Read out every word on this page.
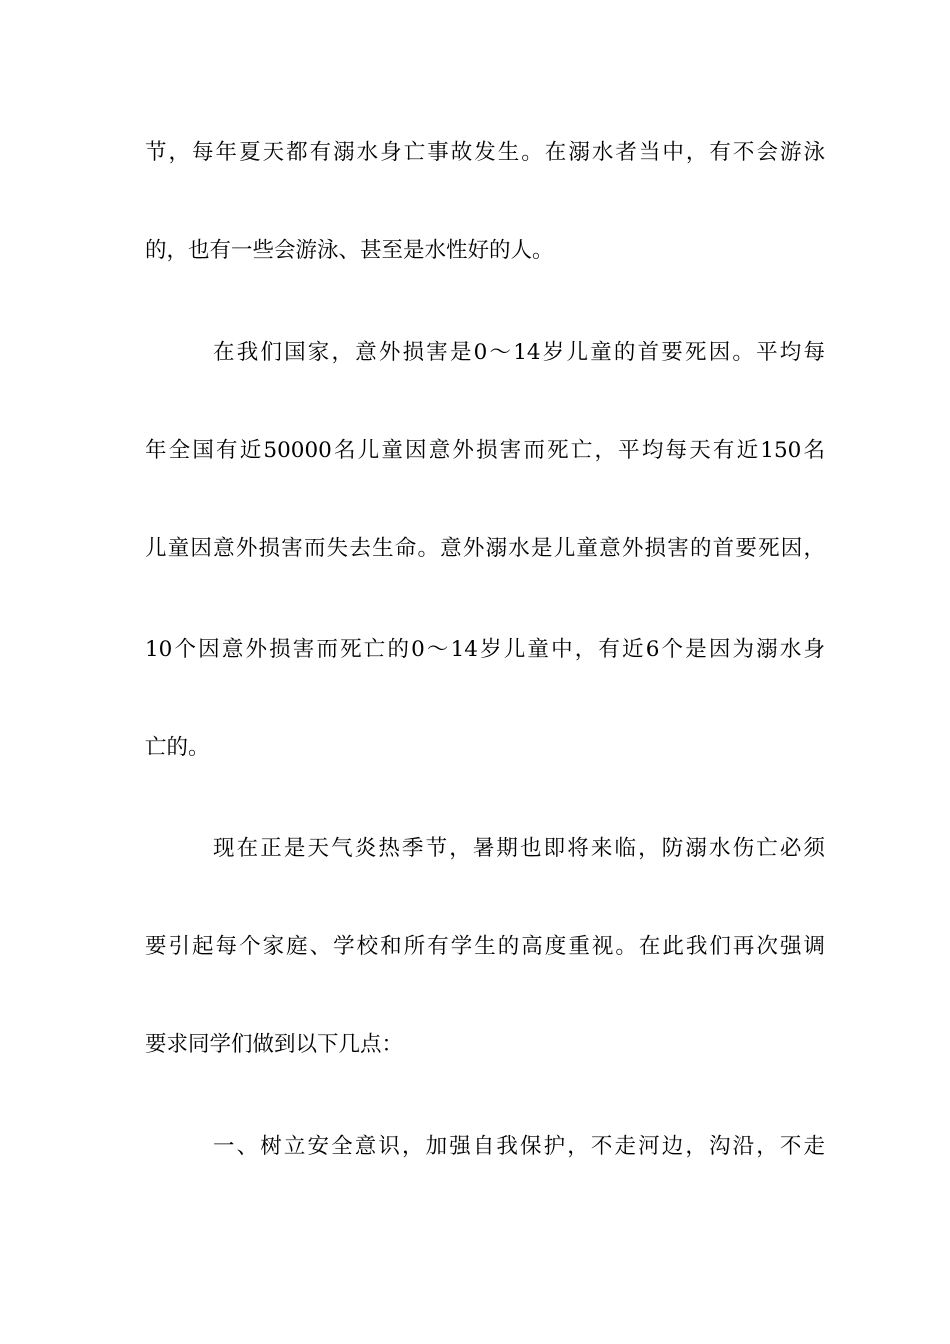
节，每年夏天都有溺水身亡事故发生。在溺水者当中，有不会游泳
的，也有一些会游泳、甚至是水性好的人。
在我们国家，意外损害是0～14岁儿童的首要死因。平均每
年全国有近50000名儿童因意外损害而死亡，平均每天有近150名
儿童因意外损害而失去生命。意外溺水是儿童意外损害的首要死因，
10个因意外损害而死亡的0～14岁儿童中，有近6个是因为溺水身
亡的。
现在正是天气炎热季节，暑期也即将来临，防溺水伤亡必须
要引起每个家庭、学校和所有学生的高度重视。在此我们再次强调
要求同学们做到以下几点：
一、树立安全意识，加强自我保护，不走河边，沟沿，不走
